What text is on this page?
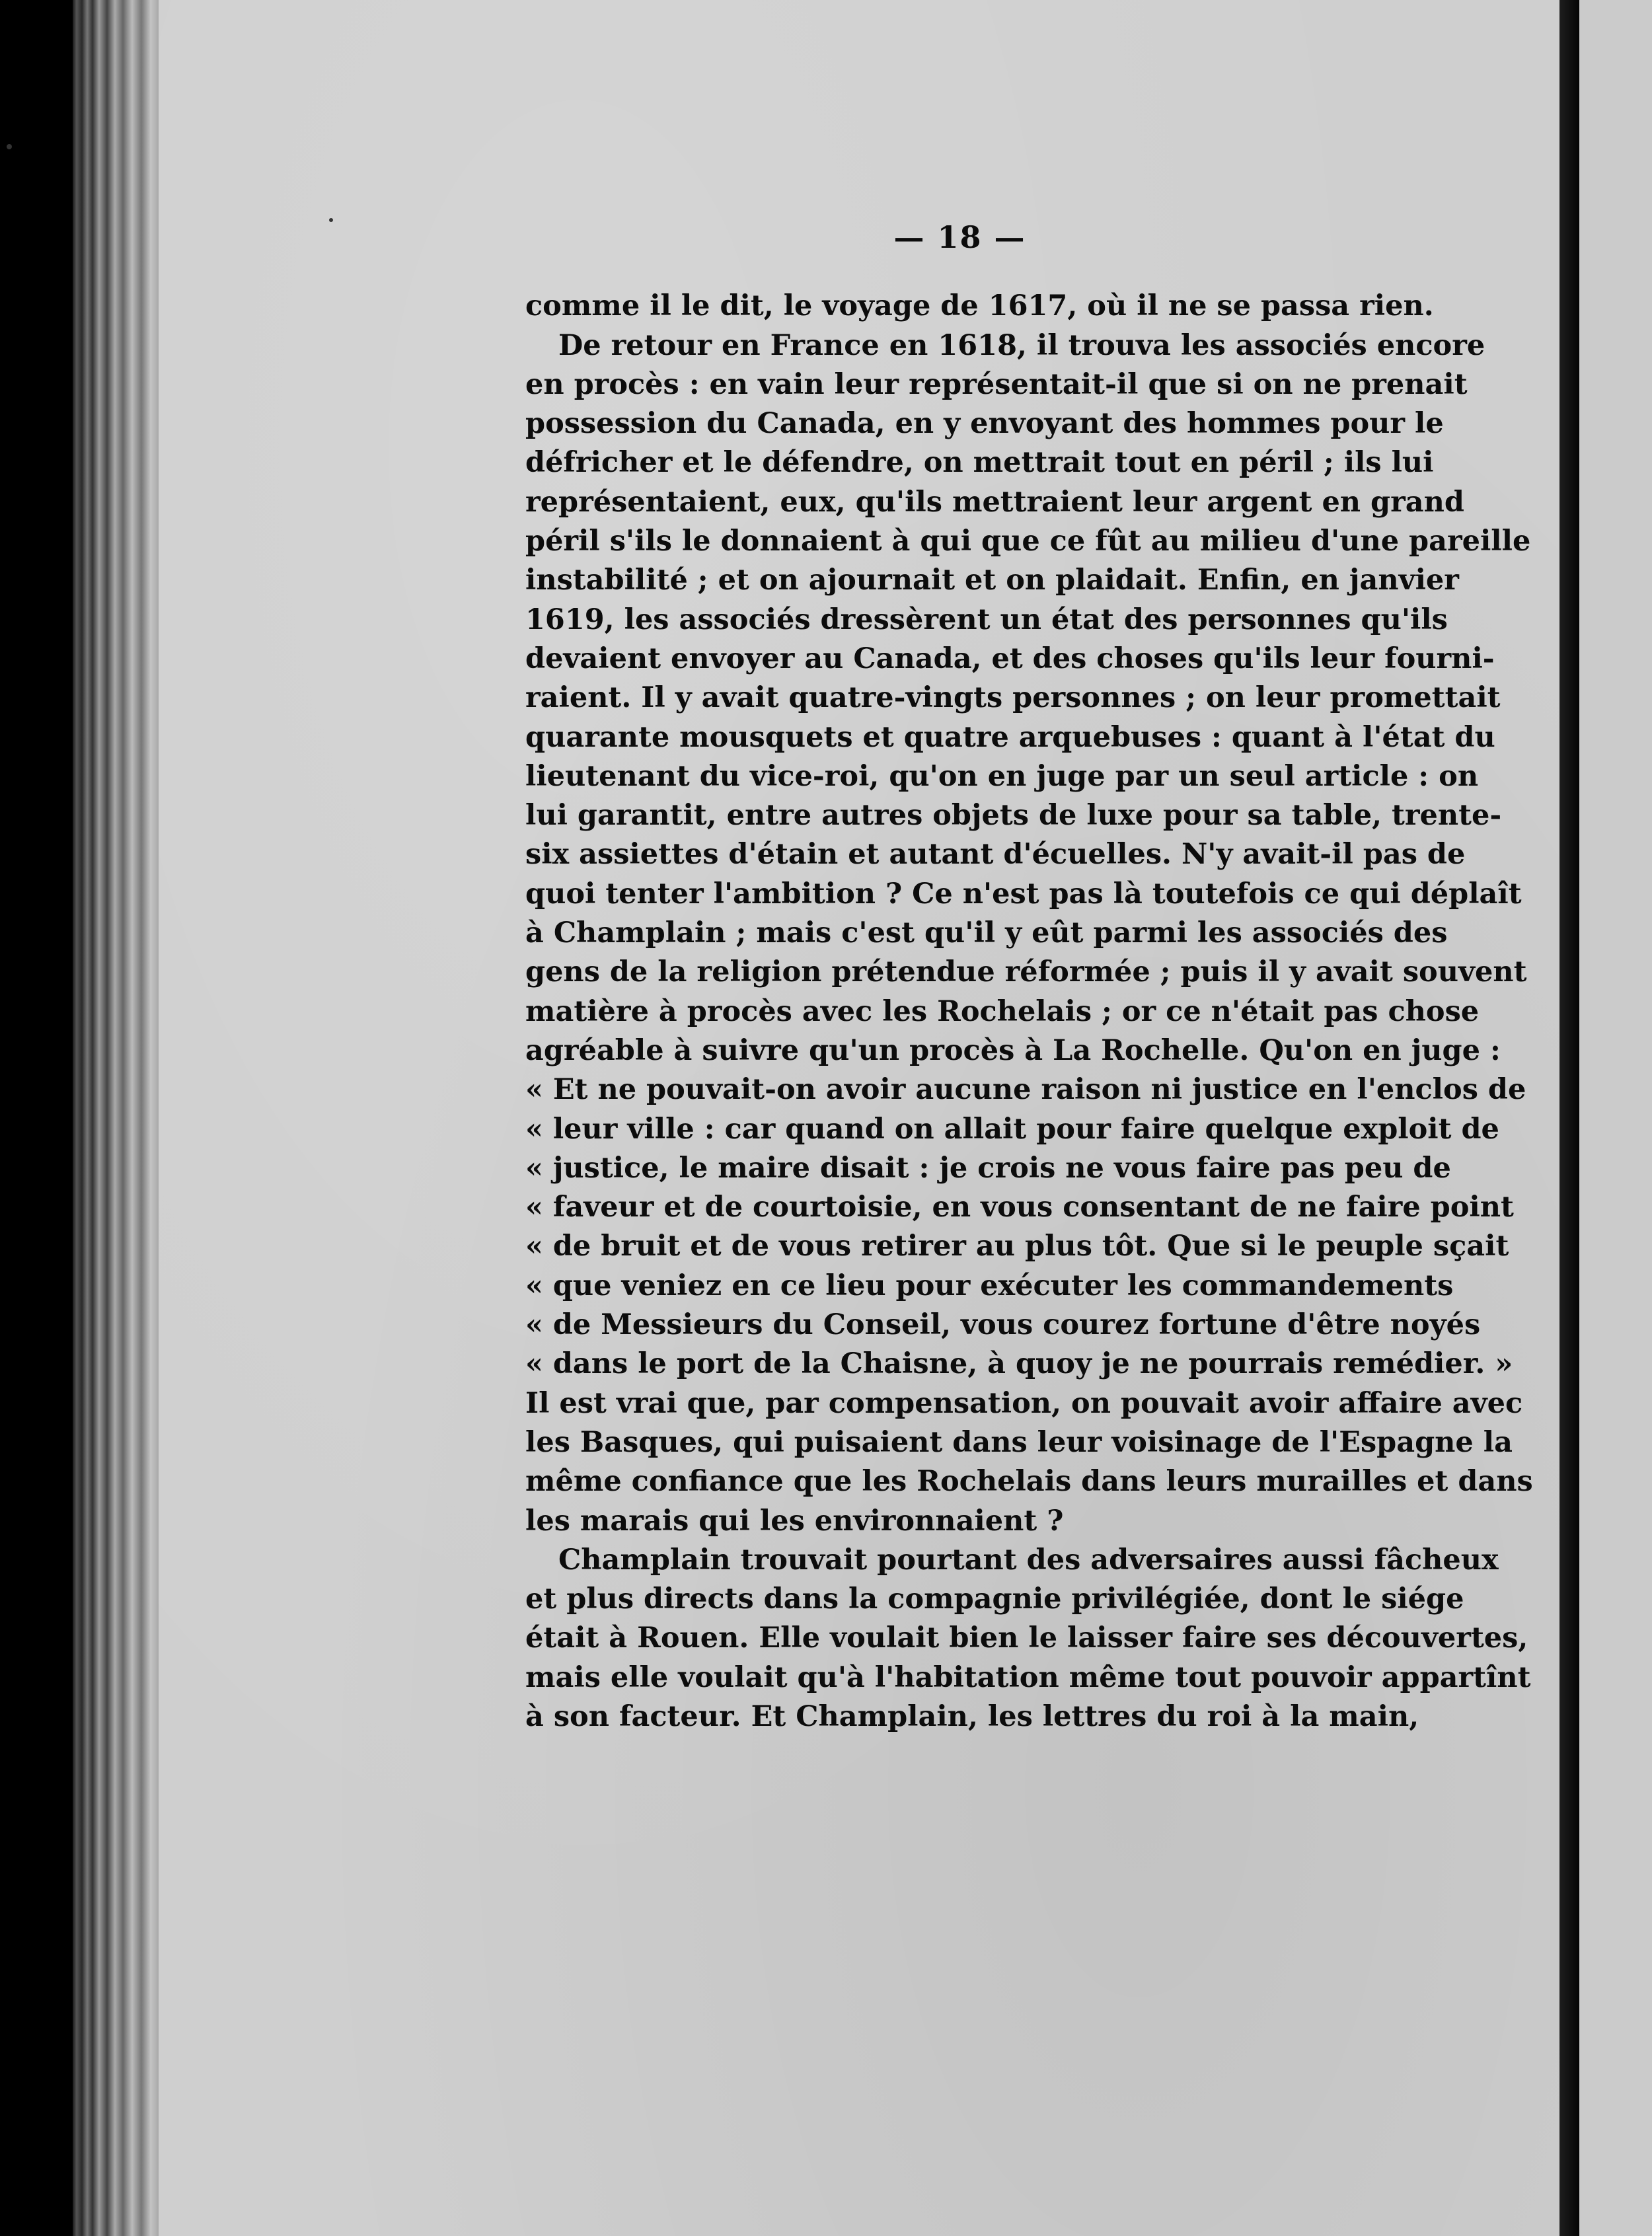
— 18 —
comme il le dit, le voyage de 1617, où il ne se passa rien.
De retour en France en 1618, il trouva les associés encore
en procès : en vain leur représentait-il que si on ne prenait
possession du Canada, en y envoyant des hommes pour le
défricher et le défendre, on mettrait tout en péril ; ils lui
représentaient, eux, qu'ils mettraient leur argent en grand
péril s'ils le donnaient à qui que ce fût au milieu d'une pareille
instabilité ; et on ajournait et on plaidait. Enfin, en janvier
1619, les associés dressèrent un état des personnes qu'ils
devaient envoyer au Canada, et des choses qu'ils leur fourni-
raient. Il y avait quatre-vingts personnes ; on leur promettait
quarante mousquets et quatre arquebuses : quant à l'état du
lieutenant du vice-roi, qu'on en juge par un seul article : on
lui garantit, entre autres objets de luxe pour sa table, trente-
six assiettes d'étain et autant d'écuelles. N'y avait-il pas de
quoi tenter l'ambition ? Ce n'est pas là toutefois ce qui déplaît
à Champlain ; mais c'est qu'il y eût parmi les associés des
gens de la religion prétendue réformée ; puis il y avait souvent
matière à procès avec les Rochelais ; or ce n'était pas chose
agréable à suivre qu'un procès à La Rochelle. Qu'on en juge :
« Et ne pouvait-on avoir aucune raison ni justice en l'enclos de
« leur ville : car quand on allait pour faire quelque exploit de
« justice, le maire disait : je crois ne vous faire pas peu de
« faveur et de courtoisie, en vous consentant de ne faire point
« de bruit et de vous retirer au plus tôt. Que si le peuple sçait
« que veniez en ce lieu pour exécuter les commandements
« de Messieurs du Conseil, vous courez fortune d'être noyés
« dans le port de la Chaisne, à quoy je ne pourrais remédier. »
Il est vrai que, par compensation, on pouvait avoir affaire avec
les Basques, qui puisaient dans leur voisinage de l'Espagne la
même confiance que les Rochelais dans leurs murailles et dans
les marais qui les environnaient ?
Champlain trouvait pourtant des adversaires aussi fâcheux
et plus directs dans la compagnie privilégiée, dont le siége
était à Rouen. Elle voulait bien le laisser faire ses découvertes,
mais elle voulait qu'à l'habitation même tout pouvoir appartînt
à son facteur. Et Champlain, les lettres du roi à la main,
